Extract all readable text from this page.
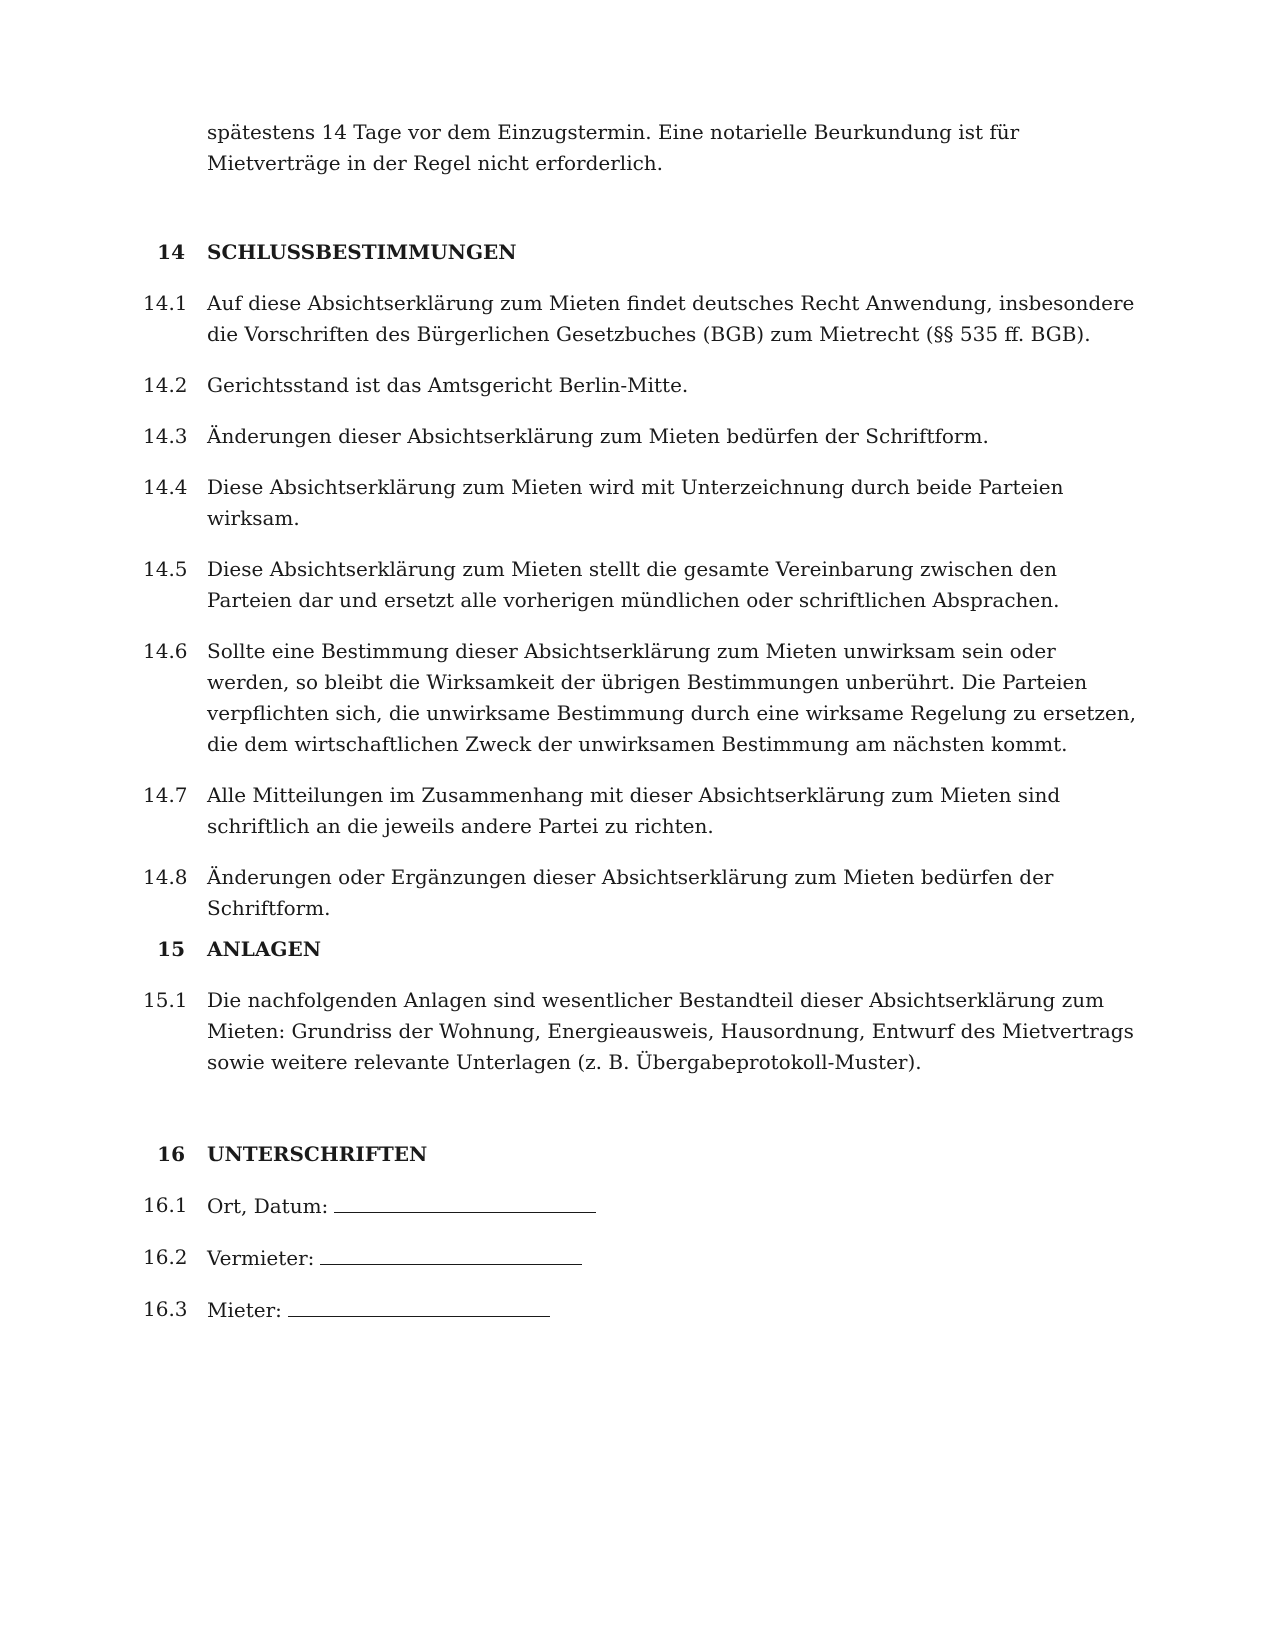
spätestens 14 Tage vor dem Einzugstermin. Eine notarielle Beurkundung ist für Mietverträge in der Regel nicht erforderlich.

14 SCHLUSSBESTIMMUNGEN
14.1 Auf diese Absichtserklärung zum Mieten findet deutsches Recht Anwendung, insbesondere die Vorschriften des Bürgerlichen Gesetzbuches (BGB) zum Mietrecht (§§ 535 ff. BGB).
14.2 Gerichtsstand ist das Amtsgericht Berlin-Mitte.
14.3 Änderungen dieser Absichtserklärung zum Mieten bedürfen der Schriftform.
14.4 Diese Absichtserklärung zum Mieten wird mit Unterzeichnung durch beide Parteien wirksam.
14.5 Diese Absichtserklärung zum Mieten stellt die gesamte Vereinbarung zwischen den Parteien dar und ersetzt alle vorherigen mündlichen oder schriftlichen Absprachen.
14.6 Sollte eine Bestimmung dieser Absichtserklärung zum Mieten unwirksam sein oder werden, so bleibt die Wirksamkeit der übrigen Bestimmungen unberührt. Die Parteien verpflichten sich, die unwirksame Bestimmung durch eine wirksame Regelung zu ersetzen, die dem wirtschaftlichen Zweck der unwirksamen Bestimmung am nächsten kommt.
14.7 Alle Mitteilungen im Zusammenhang mit dieser Absichtserklärung zum Mieten sind schriftlich an die jeweils andere Partei zu richten.
14.8 Änderungen oder Ergänzungen dieser Absichtserklärung zum Mieten bedürfen der Schriftform.
15 ANLAGEN
15.1 Die nachfolgenden Anlagen sind wesentlicher Bestandteil dieser Absichtserklärung zum Mieten: Grundriss der Wohnung, Energieausweis, Hausordnung, Entwurf des Mietvertrags sowie weitere relevante Unterlagen (z. B. Übergabeprotokoll-Muster).
16 UNTERSCHRIFTEN
16.1 Ort, Datum:
16.2 Vermieter:
16.3 Mieter:
